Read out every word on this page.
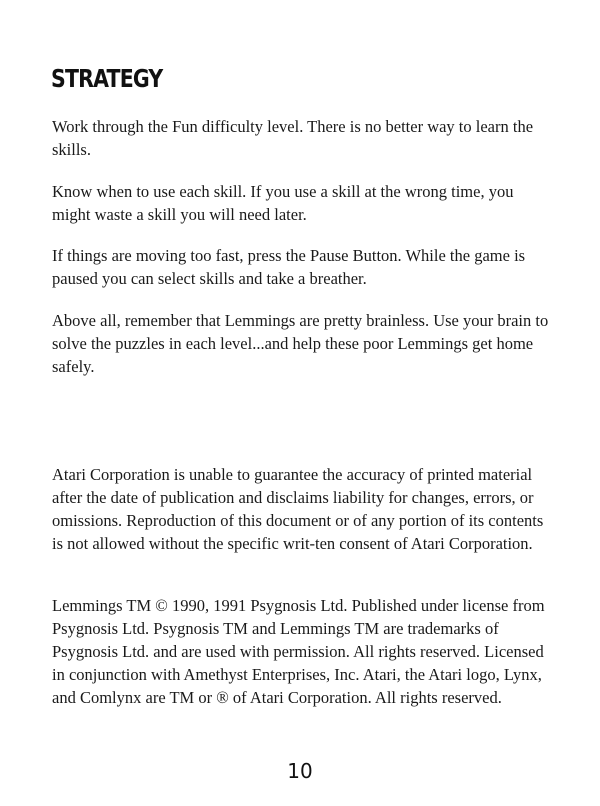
STRATEGY

Work through the Fun difficulty level. There is no better way to learn the skills.

Know when to use each skill. If you use a skill at the wrong time, you might waste a skill you will need later.

If things are moving too fast, press the Pause Button. While the game is paused you can select skills and take a breather.

Above all, remember that Lemmings are pretty brainless. Use your brain to solve the puzzles in each level...and help these poor Lemmings get home safely.

Atari Corporation is unable to guarantee the accuracy of printed material after the date of publication and disclaims liability for changes, errors, or omissions. Reproduction of this document or of any portion of its contents is not allowed without the specific writ-ten consent of Atari Corporation.

Lemmings TM © 1990, 1991 Psygnosis Ltd. Published under license from Psygnosis Ltd. Psygnosis TM and Lemmings TM are trademarks of Psygnosis Ltd. and are used with permission. All rights reserved. Licensed in conjunction with Amethyst Enterprises, Inc. Atari, the Atari logo, Lynx, and Comlynx are TM or ® of Atari Corporation. All rights reserved.

10
